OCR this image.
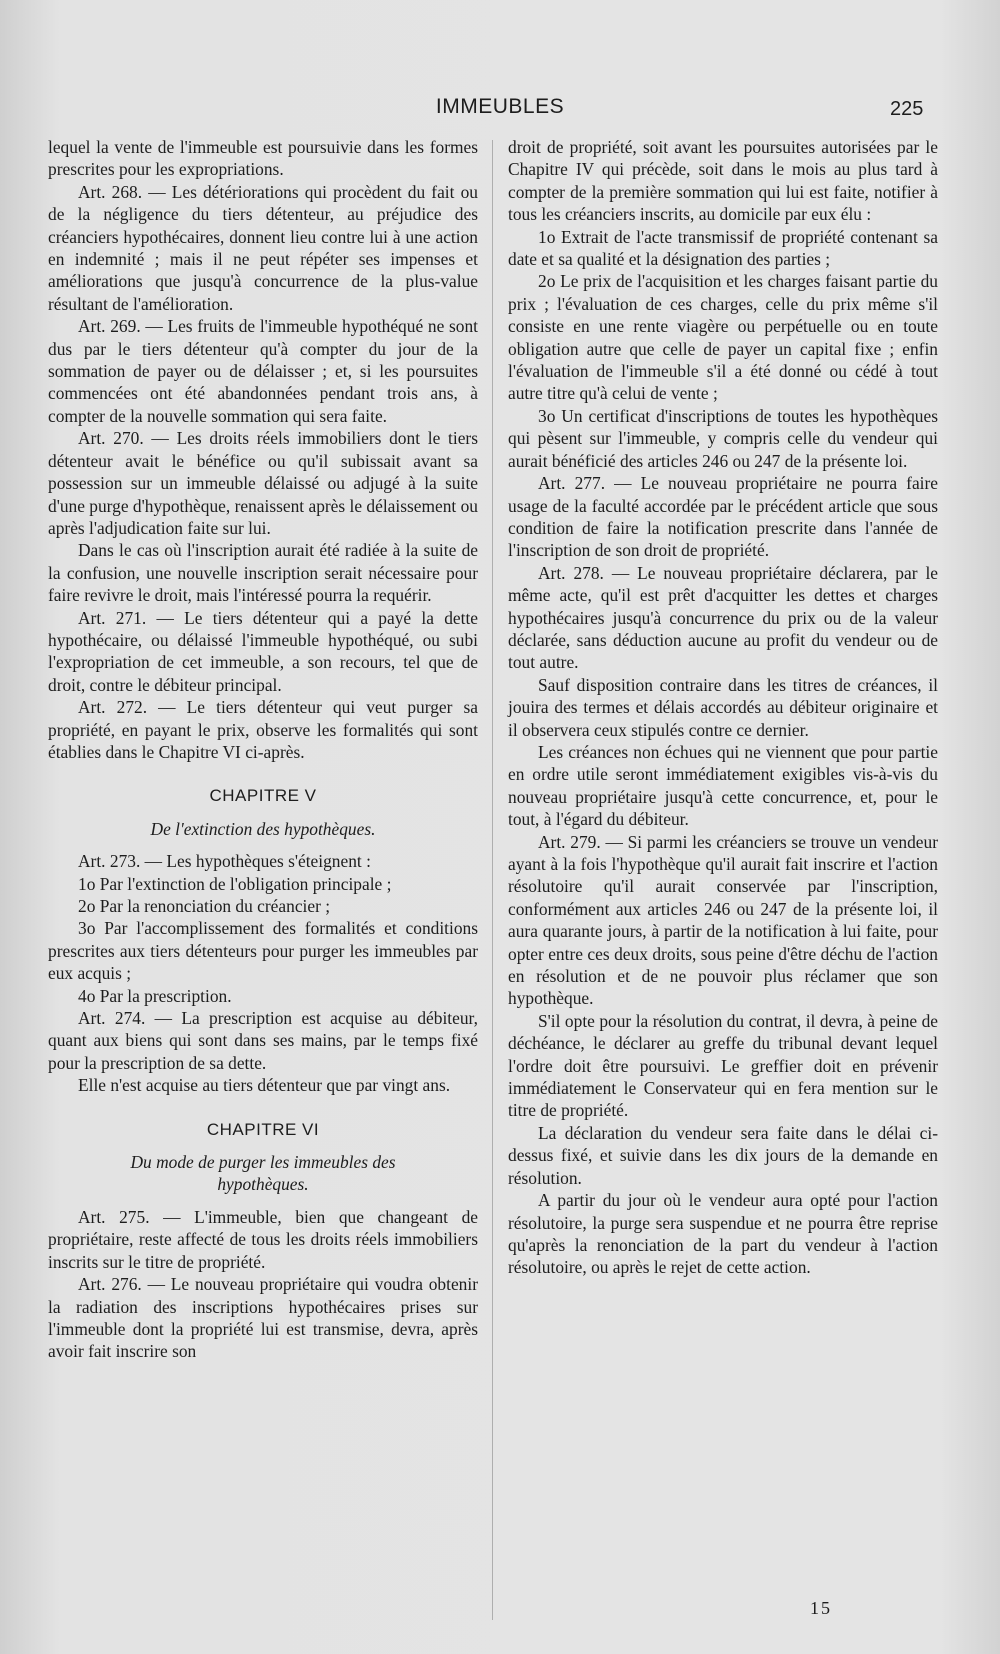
IMMEUBLES	225

lequel la vente de l'immeuble est poursuivie dans les formes prescrites pour les expropriations.

Art. 268. — Les détériorations qui procèdent du fait ou de la négligence du tiers détenteur, au préjudice des créanciers hypothécaires, donnent lieu contre lui à une action en indemnité ; mais il ne peut répéter ses impenses et améliorations que jusqu'à concurrence de la plus-value résultant de l'amélioration.

Art. 269. — Les fruits de l'immeuble hypothéqué ne sont dus par le tiers détenteur qu'à compter du jour de la sommation de payer ou de délaisser ; et, si les poursuites commencées ont été abandonnées pendant trois ans, à compter de la nouvelle sommation qui sera faite.

Art. 270. — Les droits réels immobiliers dont le tiers détenteur avait le bénéfice ou qu'il subissait avant sa possession sur un immeuble délaissé ou adjugé à la suite d'une purge d'hypothèque, renaissent après le délaissement ou après l'adjudication faite sur lui.

Dans le cas où l'inscription aurait été radiée à la suite de la confusion, une nouvelle inscription serait nécessaire pour faire revivre le droit, mais l'intéressé pourra la requérir.

Art. 271. — Le tiers détenteur qui a payé la dette hypothécaire, ou délaissé l'immeuble hypothéqué, ou subi l'expropriation de cet immeuble, a son recours, tel que de droit, contre le débiteur principal.

Art. 272. — Le tiers détenteur qui veut purger sa propriété, en payant le prix, observe les formalités qui sont établies dans le Chapitre VI ci-après.

CHAPITRE V

De l'extinction des hypothèques.

Art. 273. — Les hypothèques s'éteignent :

1o Par l'extinction de l'obligation principale ;

2o Par la renonciation du créancier ;

3o Par l'accomplissement des formalités et conditions prescrites aux tiers détenteurs pour purger les immeubles par eux acquis ;

4o Par la prescription.

Art. 274. — La prescription est acquise au débiteur, quant aux biens qui sont dans ses mains, par le temps fixé pour la prescription de sa dette.

Elle n'est acquise au tiers détenteur que par vingt ans.

CHAPITRE VI

Du mode de purger les immeubles des hypothèques.

Art. 275. — L'immeuble, bien que changeant de propriétaire, reste affecté de tous les droits réels immobiliers inscrits sur le titre de propriété.

Art. 276. — Le nouveau propriétaire qui voudra obtenir la radiation des inscriptions hypothécaires prises sur l'immeuble dont la propriété lui est transmise, devra, après avoir fait inscrire son

droit de propriété, soit avant les poursuites autorisées par le Chapitre IV qui précède, soit dans le mois au plus tard à compter de la première sommation qui lui est faite, notifier à tous les créanciers inscrits, au domicile par eux élu :

1o Extrait de l'acte transmissif de propriété contenant sa date et sa qualité et la désignation des parties ;

2o Le prix de l'acquisition et les charges faisant partie du prix ; l'évaluation de ces charges, celle du prix même s'il consiste en une rente viagère ou perpétuelle ou en toute obligation autre que celle de payer un capital fixe ; enfin l'évaluation de l'immeuble s'il a été donné ou cédé à tout autre titre qu'à celui de vente ;

3o Un certificat d'inscriptions de toutes les hypothèques qui pèsent sur l'immeuble, y compris celle du vendeur qui aurait bénéficié des articles 246 ou 247 de la présente loi.

Art. 277. — Le nouveau propriétaire ne pourra faire usage de la faculté accordée par le précédent article que sous condition de faire la notification prescrite dans l'année de l'inscription de son droit de propriété.

Art. 278. — Le nouveau propriétaire déclarera, par le même acte, qu'il est prêt d'acquitter les dettes et charges hypothécaires jusqu'à concurrence du prix ou de la valeur déclarée, sans déduction aucune au profit du vendeur ou de tout autre.

Sauf disposition contraire dans les titres de créances, il jouira des termes et délais accordés au débiteur originaire et il observera ceux stipulés contre ce dernier.

Les créances non échues qui ne viennent que pour partie en ordre utile seront immédiatement exigibles vis-à-vis du nouveau propriétaire jusqu'à cette concurrence, et, pour le tout, à l'égard du débiteur.

Art. 279. — Si parmi les créanciers se trouve un vendeur ayant à la fois l'hypothèque qu'il aurait fait inscrire et l'action résolutoire qu'il aurait conservée par l'inscription, conformément aux articles 246 ou 247 de la présente loi, il aura quarante jours, à partir de la notification à lui faite, pour opter entre ces deux droits, sous peine d'être déchu de l'action en résolution et de ne pouvoir plus réclamer que son hypothèque.

S'il opte pour la résolution du contrat, il devra, à peine de déchéance, le déclarer au greffe du tribunal devant lequel l'ordre doit être poursuivi. Le greffier doit en prévenir immédiatement le Conservateur qui en fera mention sur le titre de propriété.

La déclaration du vendeur sera faite dans le délai ci-dessus fixé, et suivie dans les dix jours de la demande en résolution.

A partir du jour où le vendeur aura opté pour l'action résolutoire, la purge sera suspendue et ne pourra être reprise qu'après la renonciation de la part du vendeur à l'action résolutoire, ou après le rejet de cette action.

15
